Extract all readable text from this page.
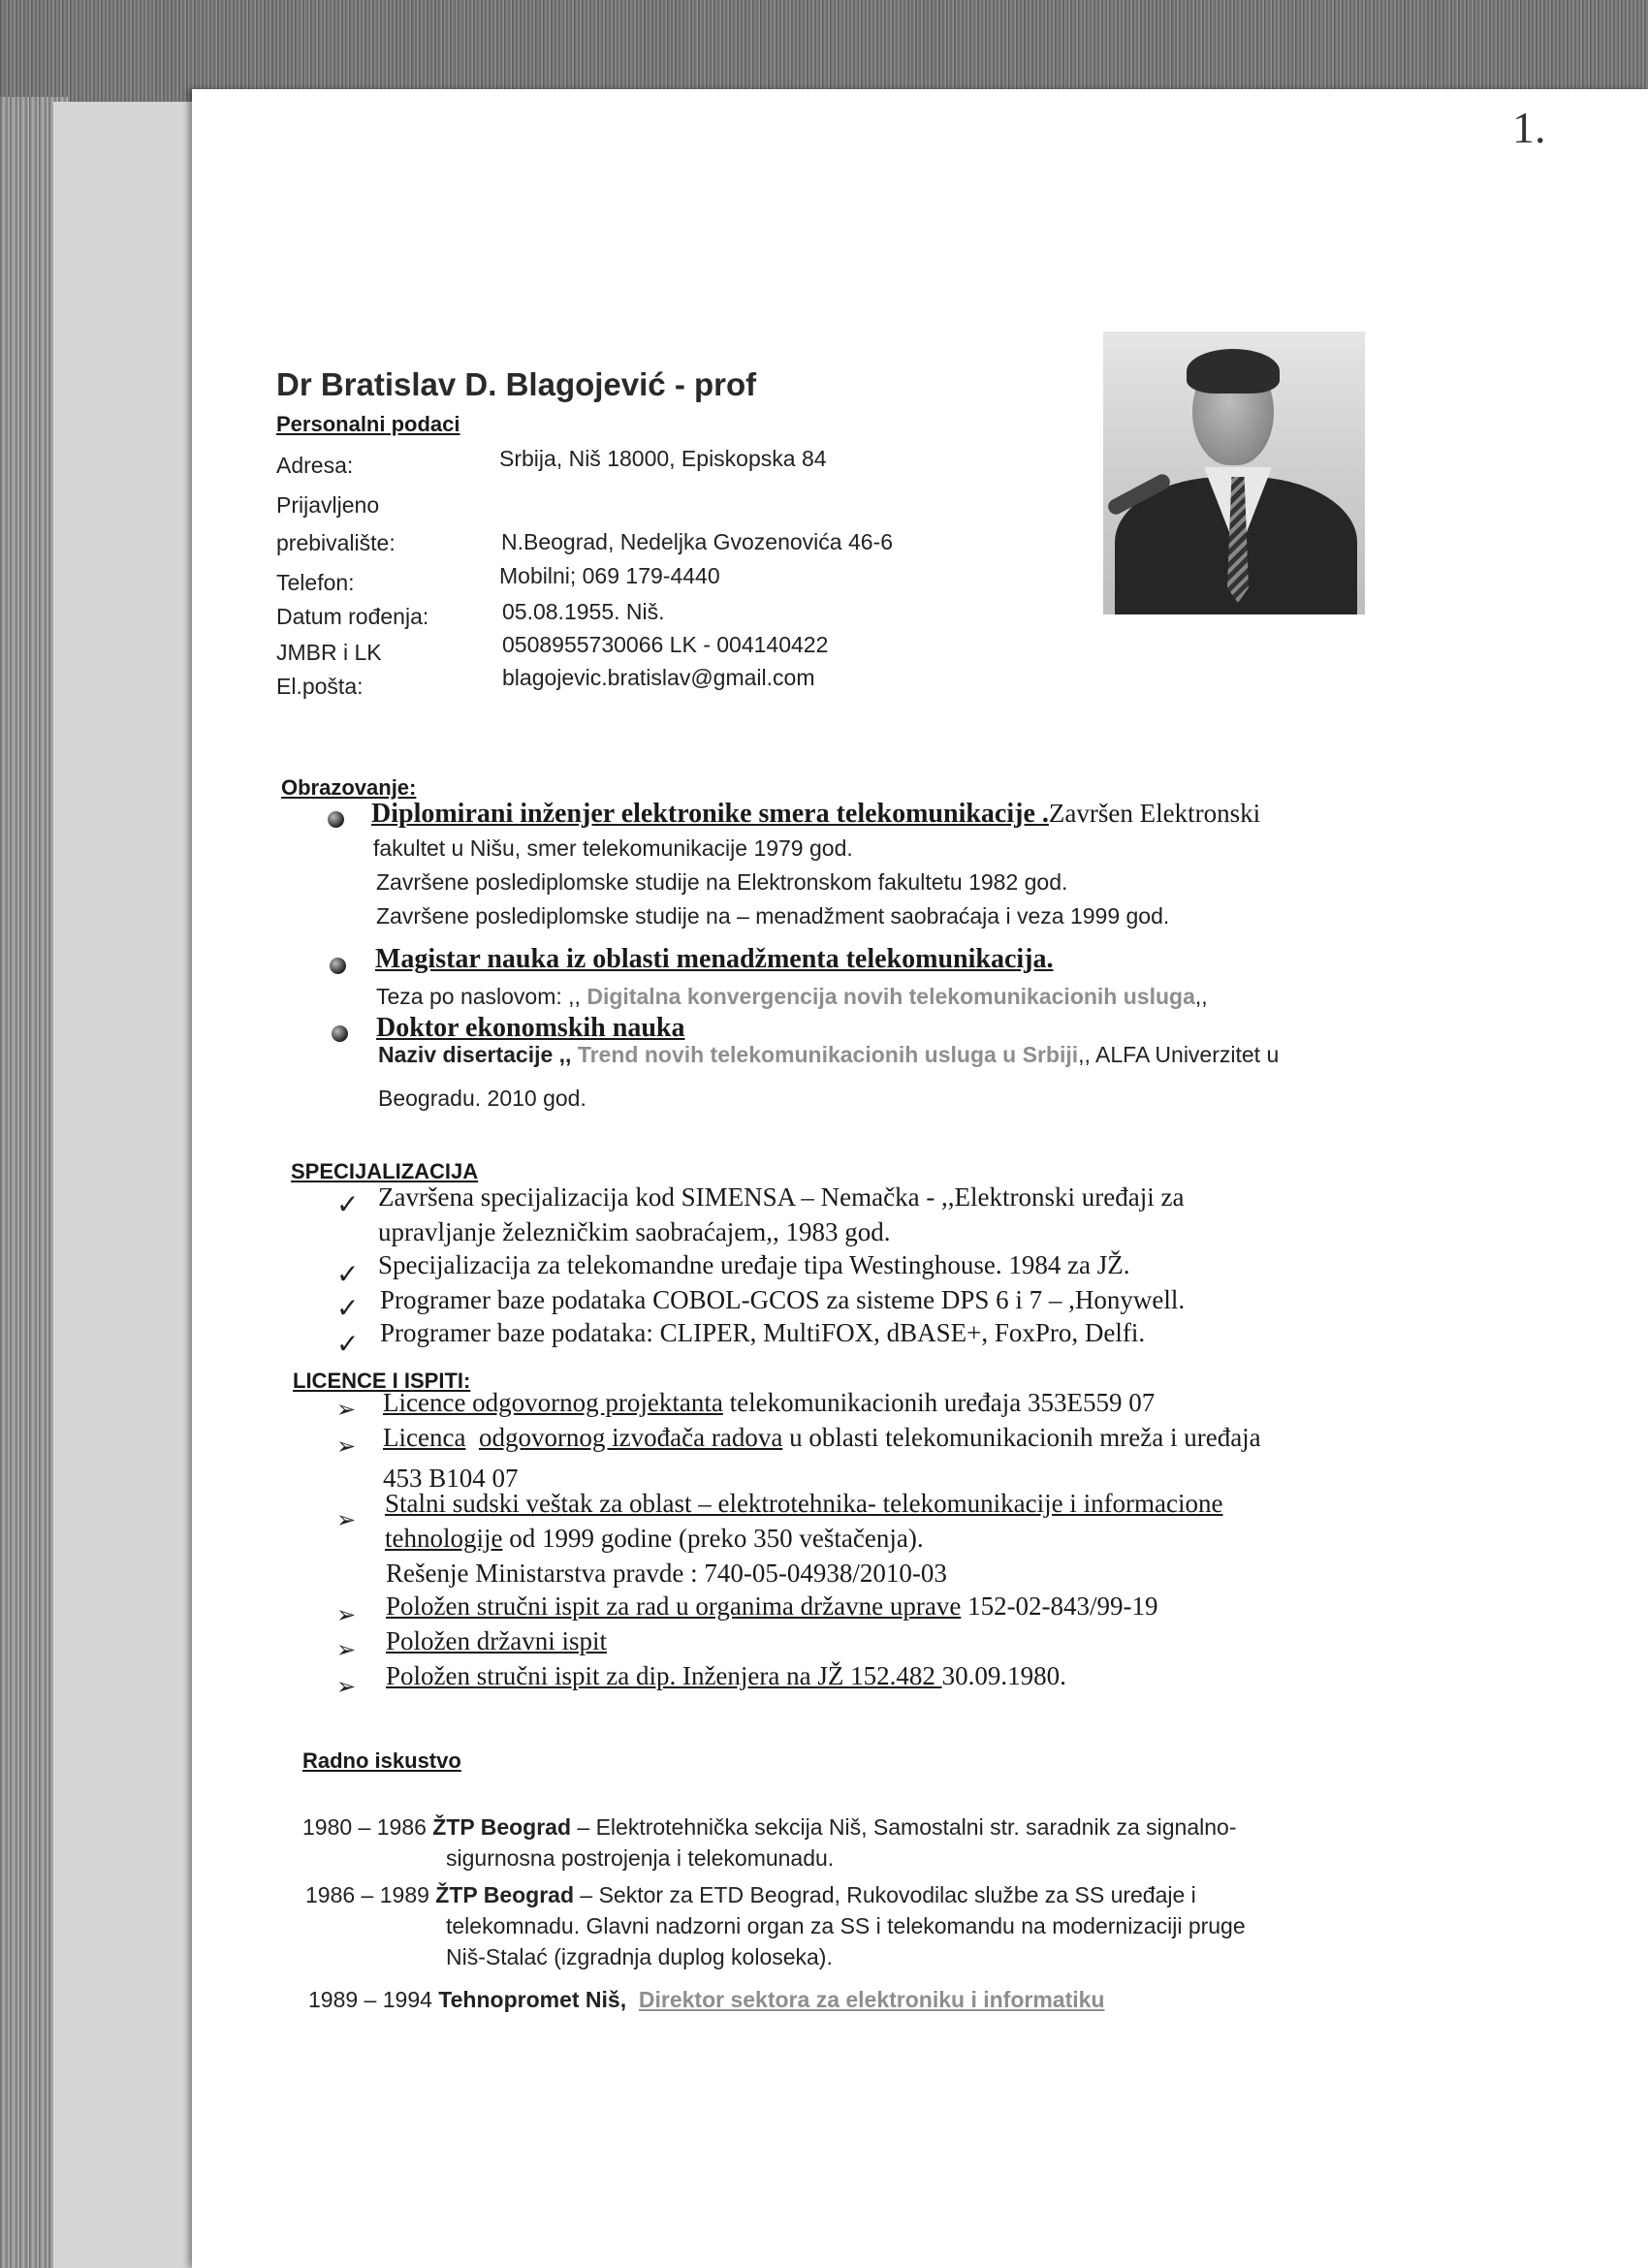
1.
Dr Bratislav D. Blagojević - prof
Personalni podaci
Adresa:	Srbija, Niš 18000, Episkopska 84
Prijavljeno
prebivalište:	N.Beograd, Nedeljka Gvozenovića 46-6
Telefon:	Mobilni; 069 179-4440
Datum rođenja:	05.08.1955. Niš.
JMBR i LK	0508955730066 LK - 004140422
El.pošta:	blagojevic.bratislav@gmail.com
Obrazovanje:
Diplomirani inženjer elektronike smera telekomunikacije .Završen Elektronski
fakultet u Nišu, smer telekomunikacije 1979 god.
Završene poslediplomske studije na Elektronskom fakultetu 1982 god.
Završene poslediplomske studije na – menadžment saobraćaja i veza 1999 god.
Magistar nauka iz oblasti menadžmenta telekomunikacija.
Teza po naslovom: ,, Digitalna konvergencija novih telekomunikacionih usluga,,
Doktor ekonomskih nauka
Naziv disertacije ,, Trend novih telekomunikacionih usluga u Srbiji,, ALFA Univerzitet u
Beogradu. 2010 god.
SPECIJALIZACIJA
✓ Završena specijalizacija kod SIMENSA – Nemačka - ,,Elektronski uređaji za
upravljanje železničkim saobraćajem,, 1983 god.
✓ Specijalizacija za telekomandne uređaje tipa Westinghouse. 1984 za JŽ.
✓ Programer baze podataka COBOL-GCOS za sisteme DPS 6 i 7 – ,Honywell.
✓ Programer baze podataka: CLIPER, MultiFOX, dBASE+, FoxPro, Delfi.
LICENCE I ISPITI:
➢ Licence odgovornog projektanta telekomunikacionih uređaja 353E559 07
➢ Licenca odgovornog izvođača radova u oblasti telekomunikacionih mreža i uređaja
453 B104 07
➢
Stalni sudski veštak za oblast – elektrotehnika- telekomunikacije i informacione
tehnologije od 1999 godine (preko 350 veštačenja).
Rešenje Ministarstva pravde : 740-05-04938/2010-03
➢ Položen stručni ispit za rad u organima državne uprave 152-02-843/99-19
➢ Položen državni ispit
➢ Položen stručni ispit za dip. Inženjera na JŽ 152.482 30.09.1980.
Radno iskustvo
1980 – 1986 ŽTP Beograd – Elektrotehnička sekcija Niš, Samostalni str. saradnik za signalno-
sigurnosna postrojenja i telekomunadu.
1986 – 1989 ŽTP Beograd – Sektor za ETD Beograd, Rukovodilac službe za SS uređaje i
telekomnadu. Glavni nadzorni organ za SS i telekomandu na modernizaciji pruge
Niš-Stalać (izgradnja duplog koloseka).
1989 – 1994 Tehnopromet Niš, Direktor sektora za elektroniku i informatiku
